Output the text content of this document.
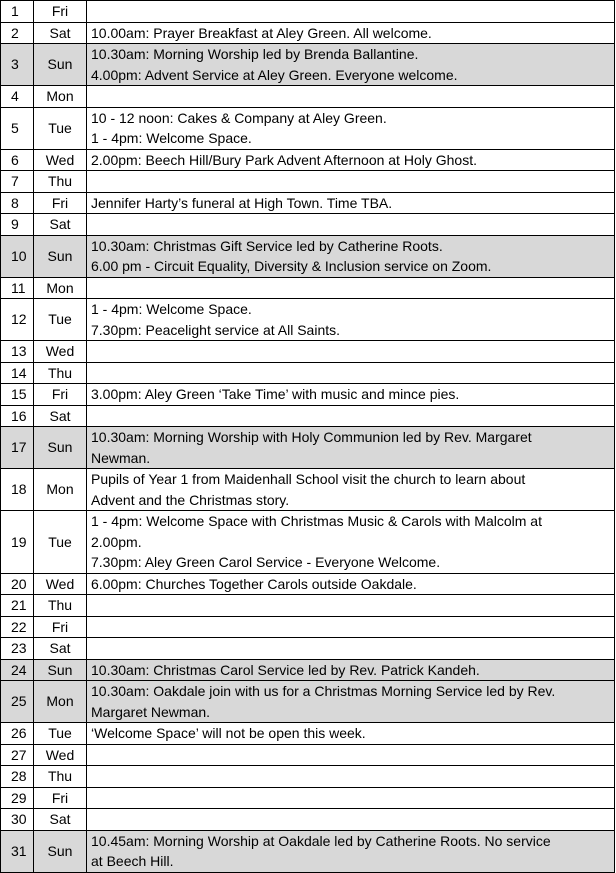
1	Fri	
2	Sat	10.00am: Prayer Breakfast at Aley Green. All welcome.

3	Sun	10.30am: Morning Worship led by Brenda Ballantine.
4.00pm: Advent Service at Aley Green. Everyone welcome.

4	Mon	
5	Tue	10 - 12 noon: Cakes & Company at Aley Green.
1 - 4pm: Welcome Space.

6	Wed	2.00pm: Beech Hill/Bury Park Advent Afternoon at Holy Ghost.

7	Thu	
8	Fri	Jennifer Harty’s funeral at High Town. Time TBA.

9	Sat	
10	Sun	10.30am: Christmas Gift Service led by Catherine Roots.
6.00 pm - Circuit Equality, Diversity & Inclusion service on Zoom.

11	Mon	
12	Tue	1 - 4pm: Welcome Space.
7.30pm: Peacelight service at All Saints.

13	Wed	
14	Thu	
15	Fri	3.00pm: Aley Green ‘Take Time’ with music and mince pies.

16	Sat	
17	Sun	10.30am: Morning Worship with Holy Communion led by Rev. Margaret
Newman.

18	Mon	Pupils of Year 1 from Maidenhall School visit the church to learn about
Advent and the Christmas story.

19	Tue	1 - 4pm: Welcome Space with Christmas Music & Carols with Malcolm at
2.00pm.
7.30pm: Aley Green Carol Service - Everyone Welcome.

20	Wed	6.00pm: Churches Together Carols outside Oakdale.

21	Thu	
22	Fri	
23	Sat	
24	Sun	10.30am: Christmas Carol Service led by Rev. Patrick Kandeh.

25	Mon	10.30am: Oakdale join with us for a Christmas Morning Service led by Rev.
Margaret Newman.

26	Tue	‘Welcome Space’ will not be open this week.

27	Wed	
28	Thu	
29	Fri	
30	Sat	
31	Sun	10.45am: Morning Worship at Oakdale led by Catherine Roots. No service
at Beech Hill.
